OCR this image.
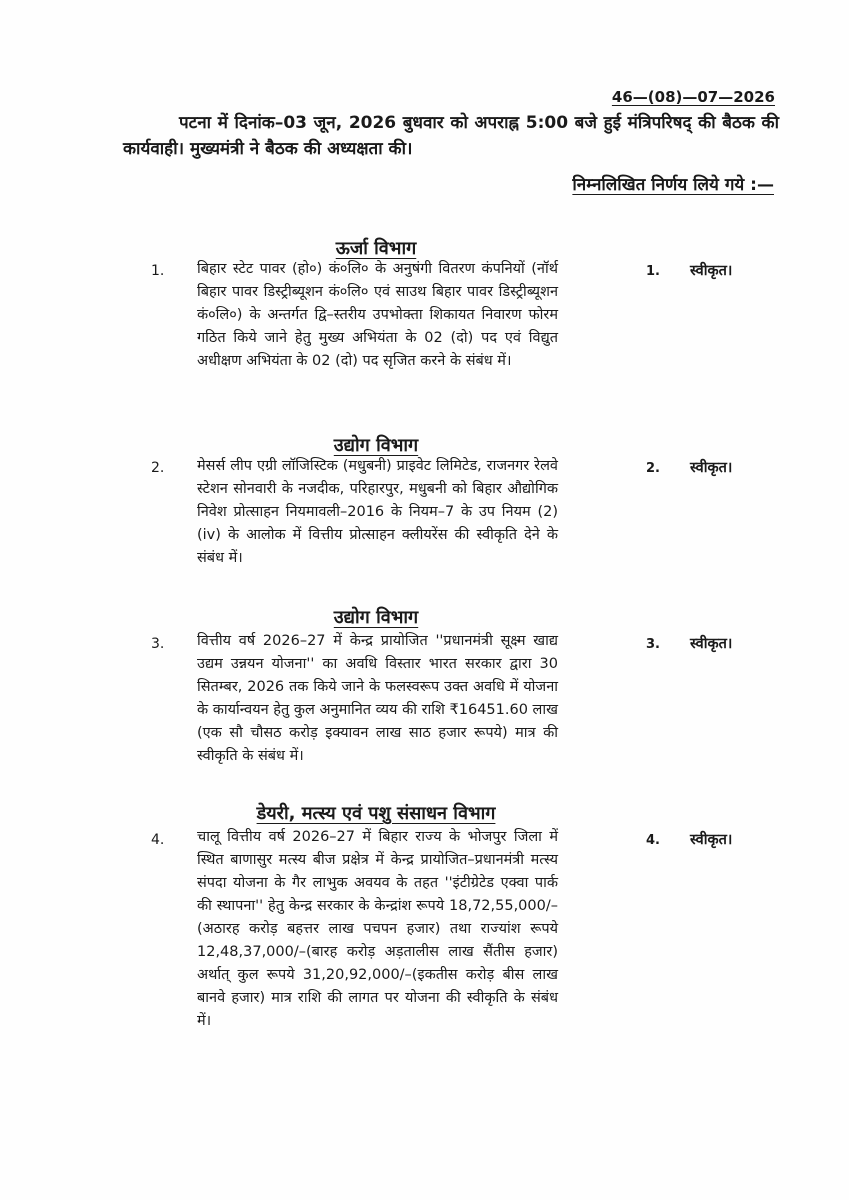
46—(08)—07—2026
पटना में दिनांक–03 जून, 2026 बुधवार को अपराह्न 5:00 बजे हुई मंत्रिपरिषद् की बैठक की कार्यवाही। मुख्यमंत्री ने बैठक की अध्यक्षता की।
निम्नलिखित निर्णय लिये गये :—
ऊर्जा विभाग
1. बिहार स्टेट पावर (हो०) कं०लि० के अनुषंगी वितरण कंपनियों (नॉर्थ बिहार पावर डिस्ट्रीब्यूशन कं०लि० एवं साउथ बिहार पावर डिस्ट्रीब्यूशन कं०लि०) के अन्तर्गत द्वि–स्तरीय उपभोक्ता शिकायत निवारण फोरम गठित किये जाने हेतु मुख्य अभियंता के 02 (दो) पद एवं विद्युत अधीक्षण अभियंता के 02 (दो) पद सृजित करने के संबंध में।
1. स्वीकृत।
उद्योग विभाग
2. मेसर्स लीप एग्री लॉजिस्टिक (मधुबनी) प्राइवेट लिमिटेड, राजनगर रेलवे स्टेशन सोनवारी के नजदीक, परिहारपुर, मधुबनी को बिहार औद्योगिक निवेश प्रोत्साहन नियमावली–2016 के नियम–7 के उप नियम (2)(iv) के आलोक में वित्तीय प्रोत्साहन क्लीयरेंस की स्वीकृति देने के संबंध में।
2. स्वीकृत।
उद्योग विभाग
3. वित्तीय वर्ष 2026–27 में केन्द्र प्रायोजित ''प्रधानमंत्री सूक्ष्म खाद्य उद्यम उन्नयन योजना'' का अवधि विस्तार भारत सरकार द्वारा 30 सितम्बर, 2026 तक किये जाने के फलस्वरूप उक्त अवधि में योजना के कार्यान्वयन हेतु कुल अनुमानित व्यय की राशि ₹16451.60 लाख (एक सौ चौसठ करोड़ इक्यावन लाख साठ हजार रूपये) मात्र की स्वीकृति के संबंध में।
3. स्वीकृत।
डेयरी, मत्स्य एवं पशु संसाधन विभाग
4. चालू वित्तीय वर्ष 2026–27 में बिहार राज्य के भोजपुर जिला में स्थित बाणासुर मत्स्य बीज प्रक्षेत्र में केन्द्र प्रायोजित–प्रधानमंत्री मत्स्य संपदा योजना के गैर लाभुक अवयव के तहत ''इंटीग्रेटेड एक्वा पार्क की स्थापना'' हेतु केन्द्र सरकार के केन्द्रांश रूपये 18,72,55,000/– (अठारह करोड़ बहत्तर लाख पचपन हजार) तथा राज्यांश रूपये 12,48,37,000/–(बारह करोड़ अड़तालीस लाख सैंतीस हजार) अर्थात् कुल रूपये 31,20,92,000/–(इकतीस करोड़ बीस लाख बानवे हजार) मात्र राशि की लागत पर योजना की स्वीकृति के संबंध में।
4. स्वीकृत।
